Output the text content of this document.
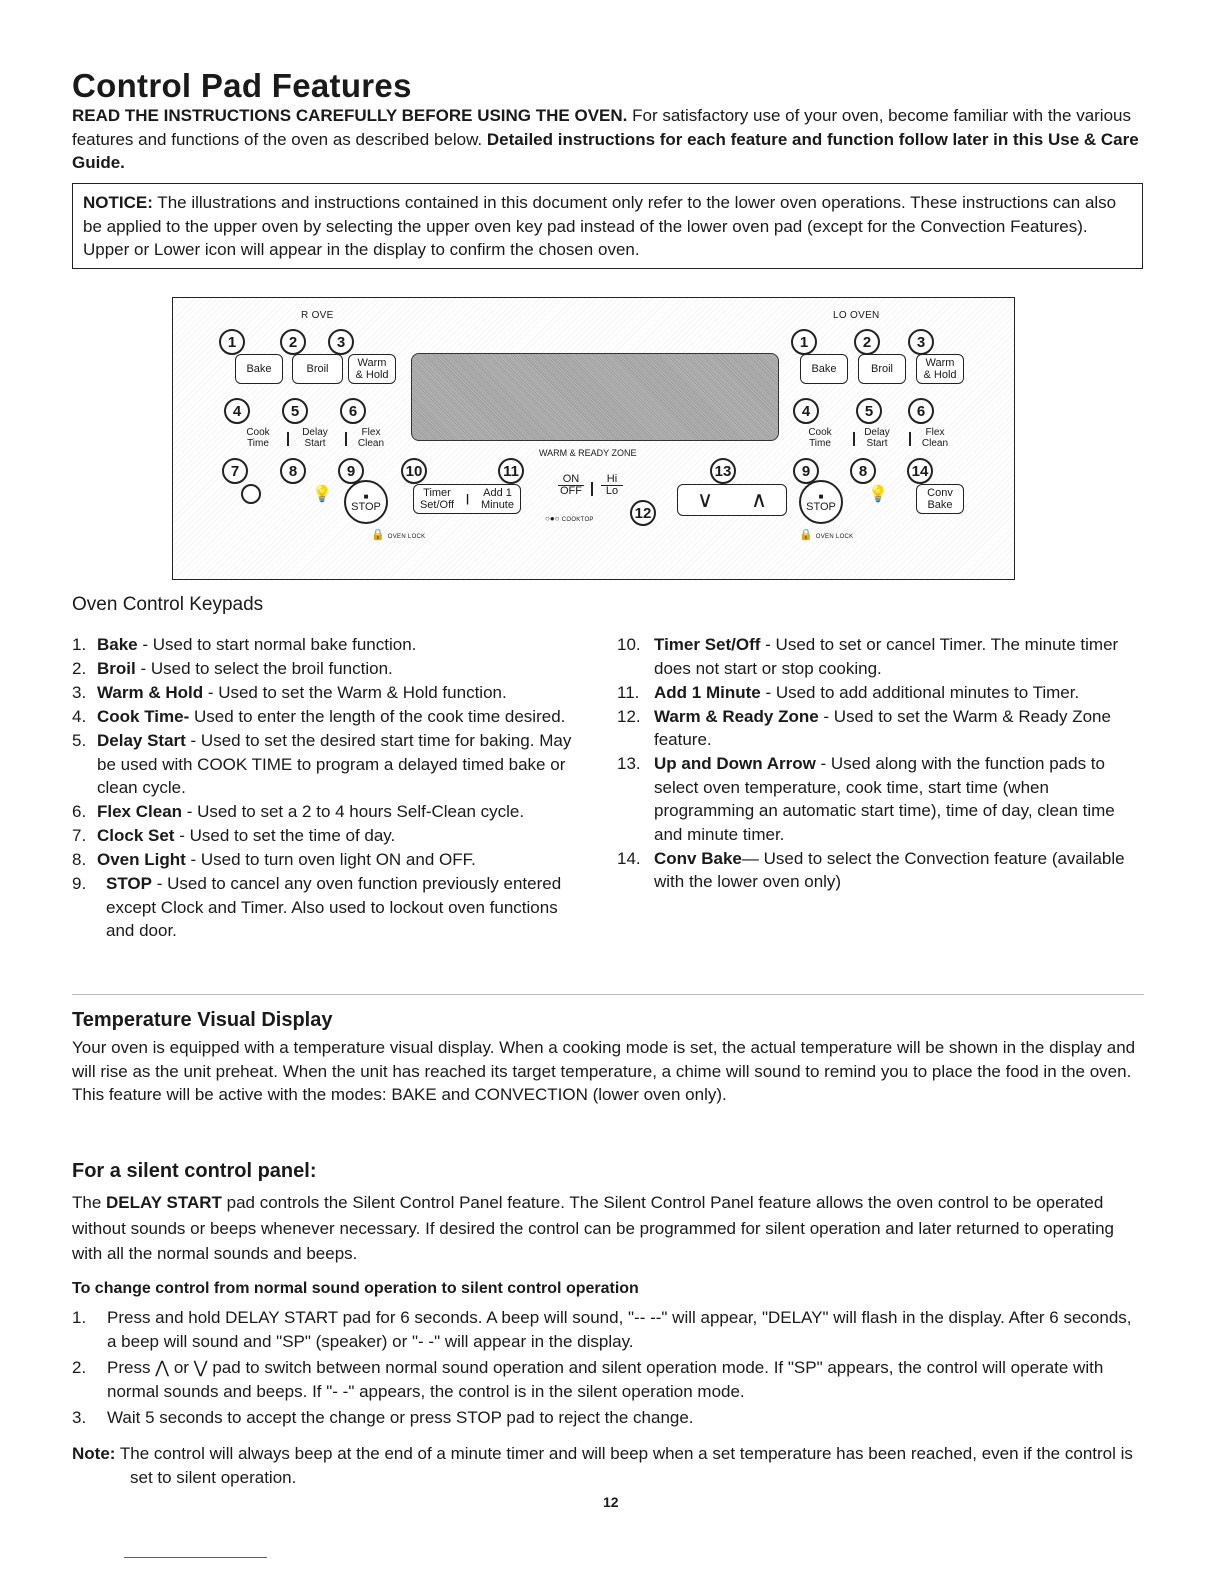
Control Pad Features

READ THE INSTRUCTIONS CAREFULLY BEFORE USING THE OVEN. For satisfactory use of your oven, become familiar with the various features and functions of the oven as described below. Detailed instructions for each feature and function follow later in this Use & Care Guide.

NOTICE: The illustrations and instructions contained in this document only refer to the lower oven operations. These instructions can also be applied to the upper oven by selecting the upper oven key pad instead of the lower oven pad (except for the Convection Features). Upper or Lower icon will appear in the display to confirm the chosen oven.
R OVE
Bake	Broil	Warm
& Hold
1	2	3
Cook
Time
Delay
Start
Flex
Clean
4	5	6
💡	■
STOP
Timer
Set/Off | Add 1
Minute
7	8	9	10	11
🔒 OVEN LOCK
WARM & READY ZONE
ON
OFF
Hi
Lo
○●○ COOKTOP	12
∨ ∧
13
LO OVEN
Bake	Broil	Warm
& Hold
1	2	3
Cook
Time
Delay
Start
Flex
Clean
4	5	6
■
STOP
💡	Conv
Bake
9	8	14
🔒 OVEN LOCK
Oven Control Keypads
1. Bake - Used to start normal bake function.
2. Broil - Used to select the broil function.
3. Warm & Hold - Used to set the Warm & Hold function.
4. Cook Time- Used to enter the length of the cook time desired.
5. Delay Start - Used to set the desired start time for baking. May be used with COOK TIME to program a delayed timed bake or clean cycle.
6. Flex Clean - Used to set a 2 to 4 hours Self-Clean cycle.
7. Clock Set - Used to set the time of day.
8. Oven Light - Used to turn oven light ON and OFF.
9. STOP - Used to cancel any oven function previously entered except Clock and Timer. Also used to lockout oven functions and door.
10. Timer Set/Off - Used to set or cancel Timer. The minute timer does not start or stop cooking.
11. Add 1 Minute - Used to add additional minutes to Timer.
12. Warm & Ready Zone - Used to set the Warm & Ready Zone feature.
13. Up and Down Arrow - Used along with the function pads to select oven temperature, cook time, start time (when programming an automatic start time), time of day, clean time and minute timer.
14. Conv Bake— Used to select the Convection feature (available with the lower oven only)
Temperature Visual Display

Your oven is equipped with a temperature visual display. When a cooking mode is set, the actual temperature will be shown in the display and will rise as the unit preheat. When the unit has reached its target temperature, a chime will sound to remind you to place the food in the oven. This feature will be active with the modes: BAKE and CONVECTION (lower oven only).

For a silent control panel:

The DELAY START pad controls the Silent Control Panel feature. The Silent Control Panel feature allows the oven control to be operated without sounds or beeps whenever necessary. If desired the control can be programmed for silent operation and later returned to operating with all the normal sounds and beeps.

To change control from normal sound operation to silent control operation
1. Press and hold DELAY START pad for 6 seconds. A beep will sound, "-- --" will appear, "DELAY" will flash in the display. After 6 seconds, a beep will sound and "SP" (speaker) or "- -" will appear in the display.
2. Press ⋀ or ⋁ pad to switch between normal sound operation and silent operation mode. If "SP" appears, the control will operate with normal sounds and beeps. If "- -" appears, the control is in the silent operation mode.
3. Wait 5 seconds to accept the change or press STOP pad to reject the change.

Note: The control will always beep at the end of a minute timer and will beep when a set temperature has been reached, even if the control is set to silent operation.

12
